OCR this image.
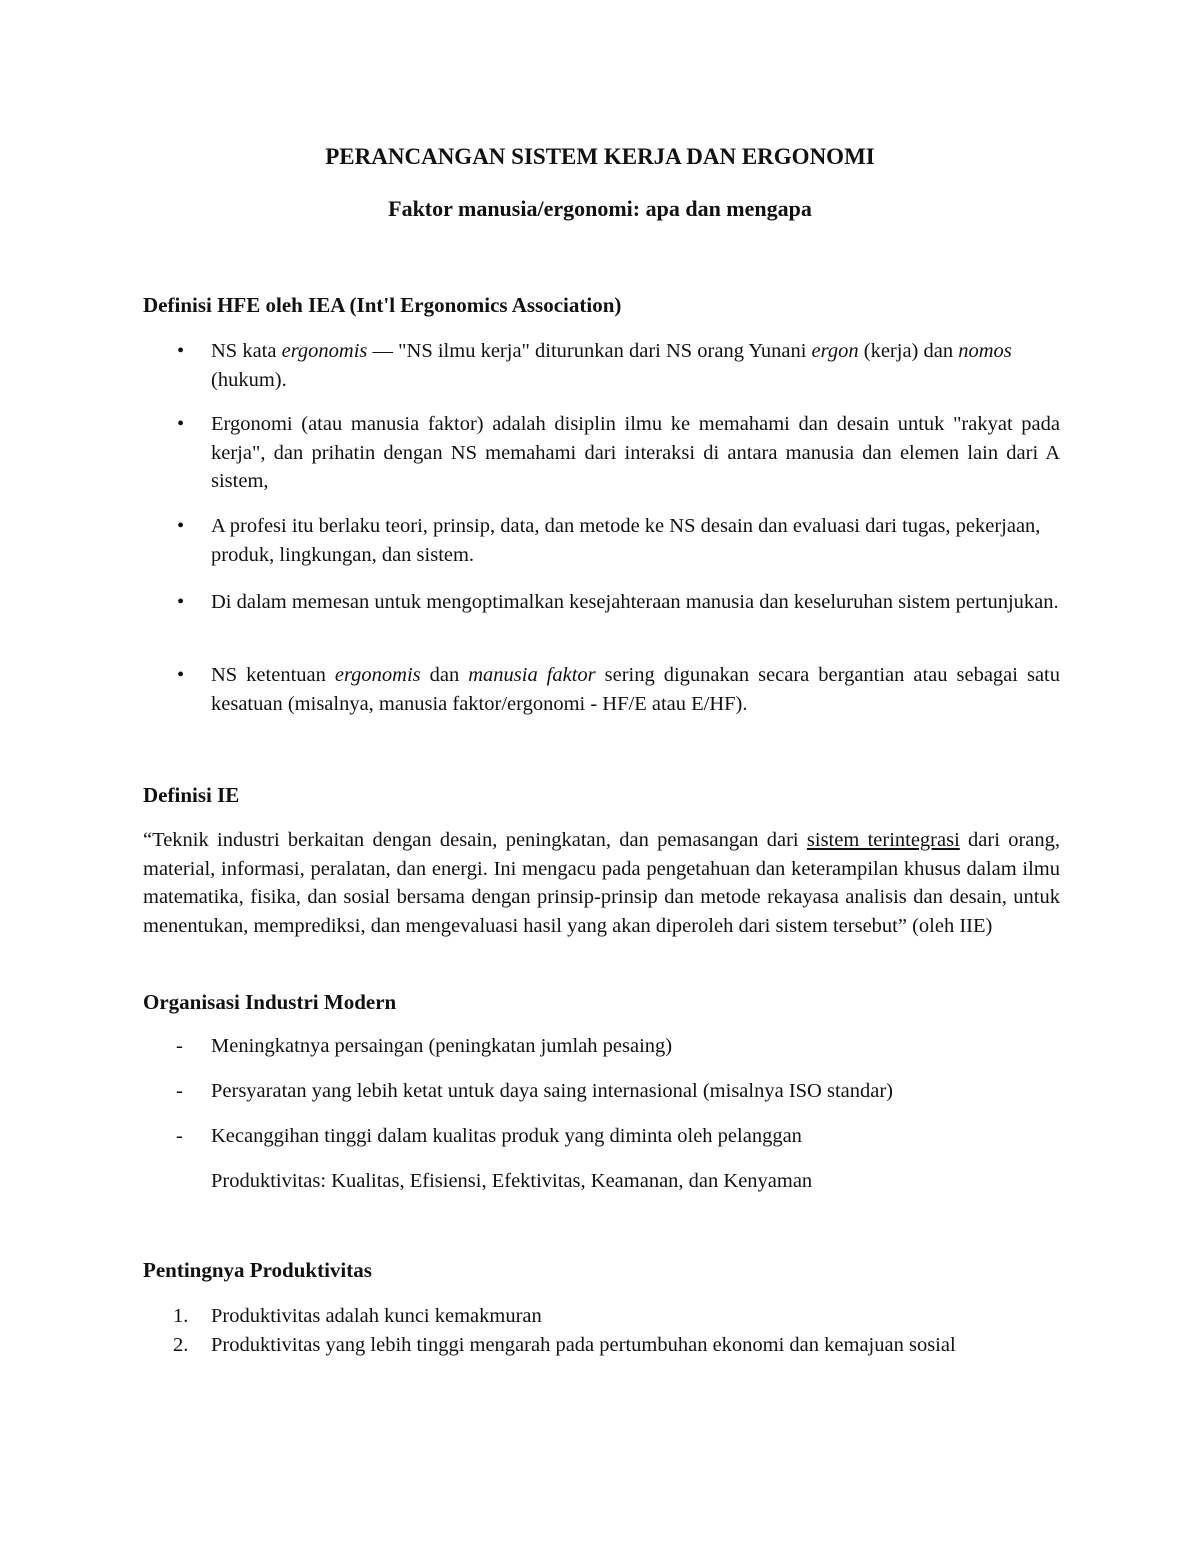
PERANCANGAN SISTEM KERJA DAN ERGONOMI
Faktor manusia/ergonomi: apa dan mengapa
Definisi HFE oleh IEA (Int'l Ergonomics Association)
•	NS kata ergonomis — "NS ilmu kerja" diturunkan dari NS orang Yunani ergon (kerja) dan nomos (hukum).
•	Ergonomi (atau manusia faktor) adalah disiplin ilmu ke memahami dan desain untuk "rakyat pada kerja", dan prihatin dengan NS memahami dari interaksi di antara manusia dan elemen lain dari A sistem,
•	A profesi itu berlaku teori, prinsip, data, dan metode ke NS desain dan evaluasi dari tugas, pekerjaan, produk, lingkungan, dan sistem.
•	Di dalam memesan untuk mengoptimalkan kesejahteraan manusia dan keseluruhan sistem pertunjukan.
•	NS ketentuan ergonomis dan manusia faktor sering digunakan secara bergantian atau sebagai satu kesatuan (misalnya, manusia faktor/ergonomi - HF/E atau E/HF).
Definisi IE

“Teknik industri berkaitan dengan desain, peningkatan, dan pemasangan dari sistem terintegrasi dari orang, material, informasi, peralatan, dan energi. Ini mengacu pada pengetahuan dan keterampilan khusus dalam ilmu matematika, fisika, dan sosial bersama dengan prinsip-prinsip dan metode rekayasa analisis dan desain, untuk menentukan, memprediksi, dan mengevaluasi hasil yang akan diperoleh dari sistem tersebut” (oleh IIE)

Organisasi Industri Modern
-	Meningkatnya persaingan (peningkatan jumlah pesaing)
-	Persyaratan yang lebih ketat untuk daya saing internasional (misalnya ISO standar)
-	Kecanggihan tinggi dalam kualitas produk yang diminta oleh pelanggan
Produktivitas: Kualitas, Efisiensi, Efektivitas, Keamanan, dan Kenyaman
Pentingnya Produktivitas
1.	Produktivitas adalah kunci kemakmuran
2.	Produktivitas yang lebih tinggi mengarah pada pertumbuhan ekonomi dan kemajuan sosial
